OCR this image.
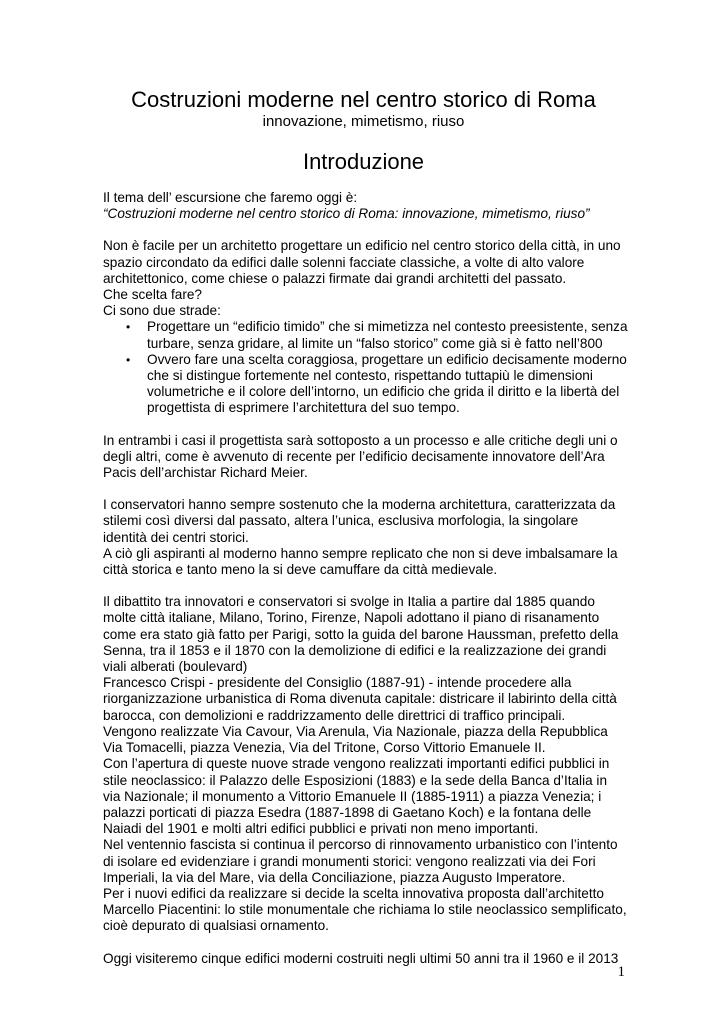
Costruzioni moderne nel centro storico di Roma
innovazione, mimetismo, riuso
Introduzione

Il tema dell’ escursione che faremo oggi è:

“Costruzioni moderne nel centro storico di Roma: innovazione, mimetismo, riuso”

Non è facile per un architetto progettare un edificio nel centro storico della città, in uno

spazio circondato da edifici dalle solenni facciate classiche, a volte di alto valore

architettonico, come chiese o palazzi firmate dai grandi architetti del passato.

Che scelta fare?

Ci sono due strade:

• Progettare un “edificio timido” che si mimetizza nel contesto preesistente, senza
turbare, senza gridare, al limite un “falso storico” come già si è fatto nell’800
• Ovvero fare una scelta coraggiosa, progettare un edificio decisamente moderno
che si distingue fortemente nel contesto, rispettando tuttapiù le dimensioni
volumetriche e il colore dell’intorno, un edificio che grida il diritto e la libertà del
progettista di esprimere l’architettura del suo tempo.

In entrambi i casi il progettista sarà sottoposto a un processo e alle critiche degli uni o

degli altri, come è avvenuto di recente per l’edificio decisamente innovatore dell’Ara

Pacis dell’archistar Richard Meier.

I conservatori hanno sempre sostenuto che la moderna architettura, caratterizzata da

stilemi così diversi dal passato, altera l’unica, esclusiva morfologia, la singolare

identità dei centri storici.

A ciò gli aspiranti al moderno hanno sempre replicato che non si deve imbalsamare la

città storica e tanto meno la si deve camuffare da città medievale.

Il dibattito tra innovatori e conservatori si svolge in Italia a partire dal 1885 quando

molte città italiane, Milano, Torino, Firenze, Napoli adottano il piano di risanamento

come era stato già fatto per Parigi, sotto la guida del barone Haussman, prefetto della

Senna, tra il 1853 e il 1870 con la demolizione di edifici e la realizzazione dei grandi

viali alberati (boulevard)

Francesco Crispi - presidente del Consiglio (1887-91) - intende procedere alla

riorganizzazione urbanistica di Roma divenuta capitale: districare il labirinto della città

barocca, con demolizioni e raddrizzamento delle direttrici di traffico principali.

Vengono realizzate Via Cavour, Via Arenula, Via Nazionale, piazza della Repubblica

Via Tomacelli, piazza Venezia, Via del Tritone, Corso Vittorio Emanuele II.

Con l’apertura di queste nuove strade vengono realizzati importanti edifici pubblici in

stile neoclassico: il Palazzo delle Esposizioni (1883) e la sede della Banca d’Italia in

via Nazionale; il monumento a Vittorio Emanuele II (1885-1911) a piazza Venezia; i

palazzi porticati di piazza Esedra (1887-1898 di Gaetano Koch) e la fontana delle

Naiadi del 1901 e molti altri edifici pubblici e privati non meno importanti.

Nel ventennio fascista si continua il percorso di rinnovamento urbanistico con l’intento

di isolare ed evidenziare i grandi monumenti storici: vengono realizzati via dei Fori

Imperiali, la via del Mare, via della Conciliazione, piazza Augusto Imperatore.

Per i nuovi edifici da realizzare si decide la scelta innovativa proposta dall’architetto

Marcello Piacentini: lo stile monumentale che richiama lo stile neoclassico semplificato,

cioè depurato di qualsiasi ornamento.

Oggi visiteremo cinque edifici moderni costruiti negli ultimi 50 anni tra il 1960 e il 2013

1
